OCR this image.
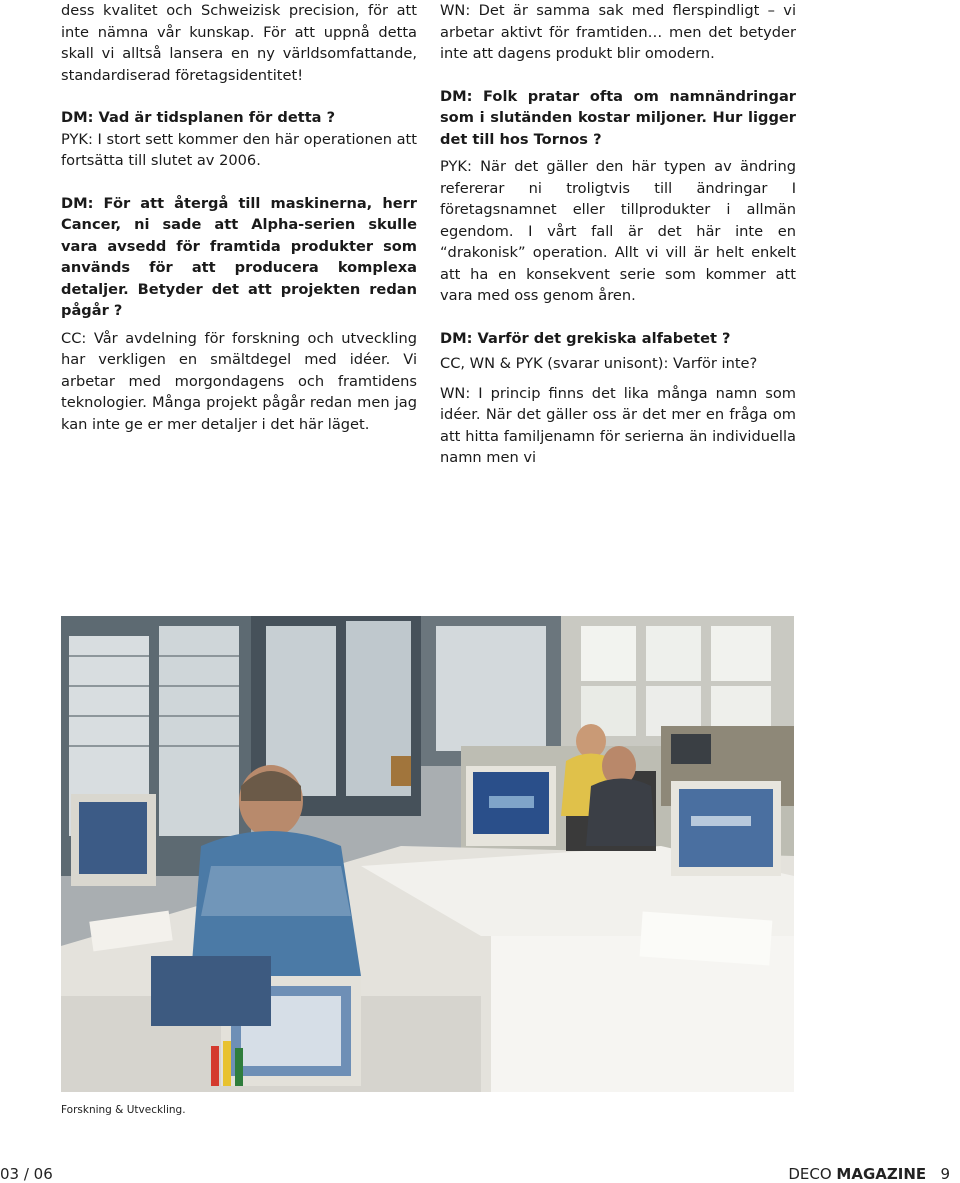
dess kvalitet och Schweizisk precision, för att inte nämna vår kunskap. För att uppnå detta skall vi alltså lansera en ny världsomfattande, standardiserad företagsidentitet!

DM: Vad är tidsplanen för detta ?

PYK: I stort sett kommer den här operationen att fortsätta till slutet av 2006.

DM: För att återgå till maskinerna, herr Cancer, ni sade att Alpha-serien skulle vara avsedd för framtida produkter som används för att producera komplexa detaljer. Betyder det att projekten redan pågår ?

CC: Vår avdelning för forskning och utveckling har verkligen en smältdegel med idéer. Vi arbetar med morgondagens och framtidens teknologier. Många projekt pågår redan men jag kan inte ge er mer detaljer i det här läget.

WN: Det är samma sak med flerspindligt – vi arbetar aktivt för framtiden… men det betyder inte att dagens produkt blir omodern.

DM: Folk pratar ofta om namnändringar som i slutänden kostar miljoner. Hur ligger det till hos Tornos ?

PYK: När det gäller den här typen av ändring refererar ni troligtvis till ändringar I företagsnamnet eller tillprodukter i allmän egendom. I vårt fall är det här inte en “drakonisk” operation. Allt vi vill är helt enkelt att ha en konsekvent serie som kommer att vara med oss genom åren.

DM: Varför det grekiska alfabetet ?

CC, WN & PYK (svarar unisont): Varför inte?

WN: I princip finns det lika många namn som idéer. När det gäller oss är det mer en fråga om att hitta familjenamn för serierna än individuella namn men vi

Forskning & Utveckling.
03 / 06	DECO MAGAZINE 9
